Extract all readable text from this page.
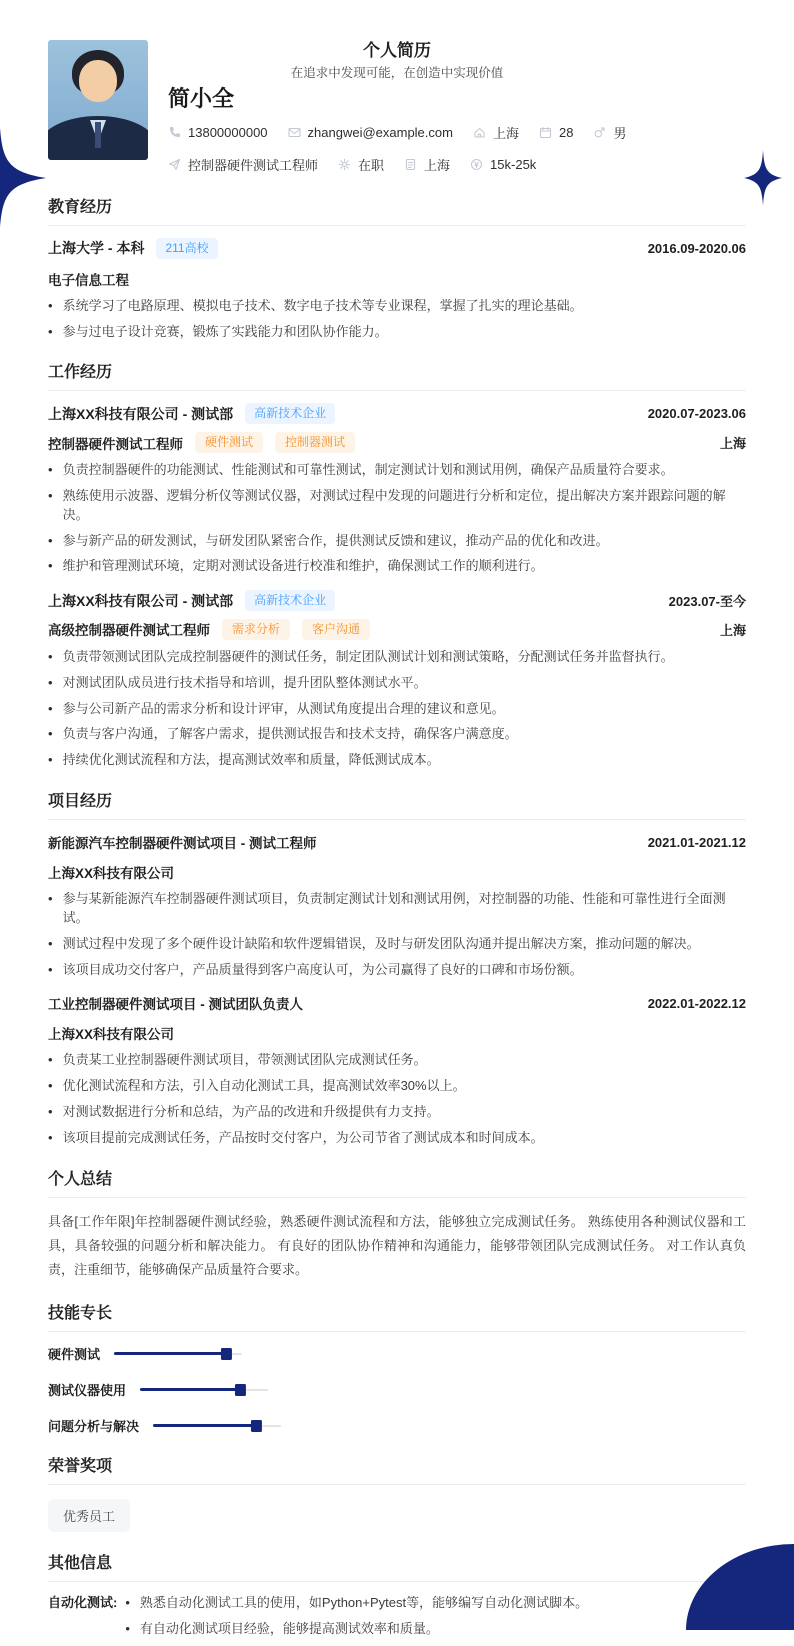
个人简历
在追求中发现可能，在创造中实现价值
简小全
13800000000	zhangwei@example.com	上海	28	男
控制器硬件测试工程师	在职	上海	15k-25k
教育经历
上海大学 - 本科	211高校	2016.09-2020.06
电子信息工程
• 系统学习了电路原理、模拟电子技术、数字电子技术等专业课程，掌握了扎实的理论基础。
• 参与过电子设计竞赛，锻炼了实践能力和团队协作能力。
工作经历
上海XX科技有限公司 - 测试部	高新技术企业	2020.07-2023.06
控制器硬件测试工程师	硬件测试	控制器测试	上海
• 负责控制器硬件的功能测试、性能测试和可靠性测试，制定测试计划和测试用例，确保产品质量符合要求。
• 熟练使用示波器、逻辑分析仪等测试仪器，对测试过程中发现的问题进行分析和定位，提出解决方案并跟踪问题的解决。
• 参与新产品的研发测试，与研发团队紧密合作，提供测试反馈和建议，推动产品的优化和改进。
• 维护和管理测试环境，定期对测试设备进行校准和维护，确保测试工作的顺利进行。
上海XX科技有限公司 - 测试部	高新技术企业	2023.07-至今
高级控制器硬件测试工程师	需求分析	客户沟通	上海
• 负责带领测试团队完成控制器硬件的测试任务，制定团队测试计划和测试策略，分配测试任务并监督执行。
• 对测试团队成员进行技术指导和培训，提升团队整体测试水平。
• 参与公司新产品的需求分析和设计评审，从测试角度提出合理的建议和意见。
• 负责与客户沟通，了解客户需求，提供测试报告和技术支持，确保客户满意度。
• 持续优化测试流程和方法，提高测试效率和质量，降低测试成本。
项目经历
新能源汽车控制器硬件测试项目 - 测试工程师	2021.01-2021.12
上海XX科技有限公司
• 参与某新能源汽车控制器硬件测试项目，负责制定测试计划和测试用例，对控制器的功能、性能和可靠性进行全面测试。
• 测试过程中发现了多个硬件设计缺陷和软件逻辑错误，及时与研发团队沟通并提出解决方案，推动问题的解决。
• 该项目成功交付客户，产品质量得到客户高度认可，为公司赢得了良好的口碑和市场份额。
工业控制器硬件测试项目 - 测试团队负责人	2022.01-2022.12
上海XX科技有限公司
• 负责某工业控制器硬件测试项目，带领测试团队完成测试任务。
• 优化测试流程和方法，引入自动化测试工具，提高测试效率30%以上。
• 对测试数据进行分析和总结，为产品的改进和升级提供有力支持。
• 该项目提前完成测试任务，产品按时交付客户，为公司节省了测试成本和时间成本。
个人总结
具备[工作年限]年控制器硬件测试经验，熟悉硬件测试流程和方法，能够独立完成测试任务。 熟练使用各种测试仪器和工具，具备较强的问题分析和解决能力。 有良好的团队协作精神和沟通能力，能够带领团队完成测试任务。 对工作认真负责，注重细节，能够确保产品质量符合要求。
技能专长
硬件测试
测试仪器使用
问题分析与解决
荣誉奖项
优秀员工
其他信息
自动化测试: • 熟悉自动化测试工具的使用，如Python+Pytest等，能够编写自动化测试脚本。
• 有自动化测试项目经验，能够提高测试效率和质量。
